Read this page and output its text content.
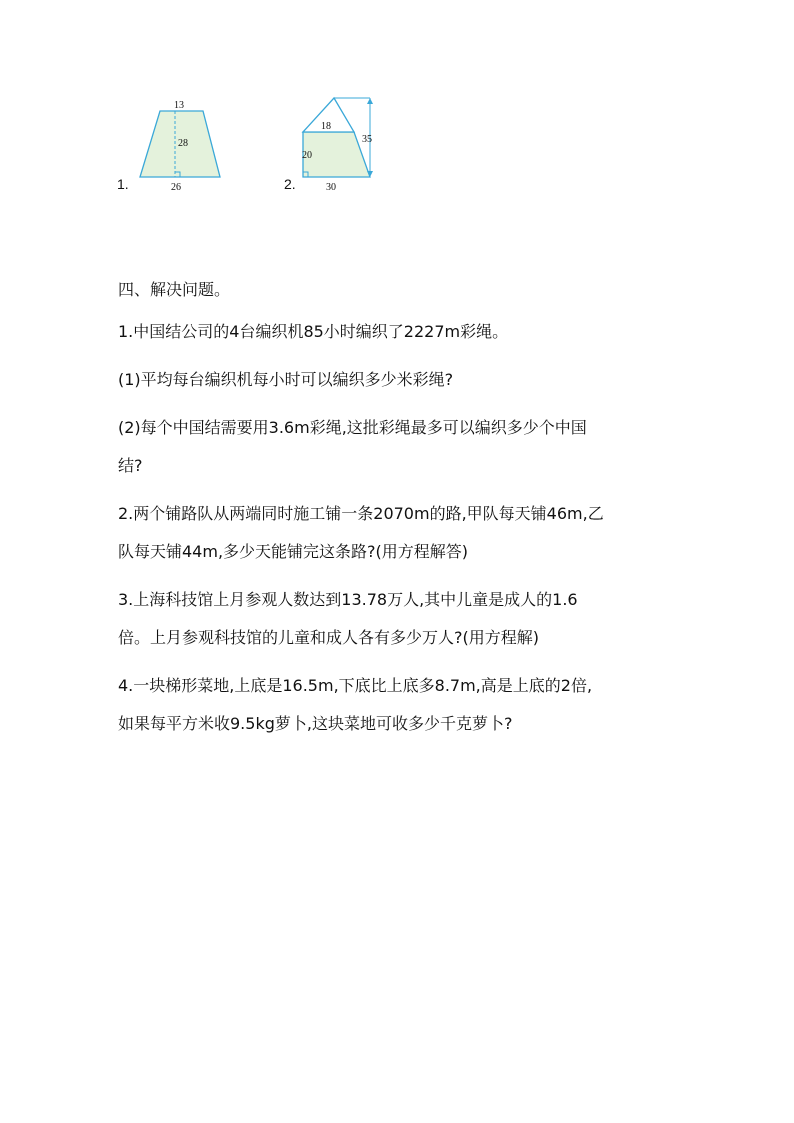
1.
13
28
26	2.
18
20
30
35

四、解决问题。

1.中国结公司的4台编织机85小时编织了2227m彩绳。

(1)平均每台编织机每小时可以编织多少米彩绳?

(2)每个中国结需要用3.6m彩绳,这批彩绳最多可以编织多少个中国

结?

2.两个铺路队从两端同时施工铺一条2070m的路,甲队每天铺46m,乙

队每天铺44m,多少天能铺完这条路?(用方程解答)

3.上海科技馆上月参观人数达到13.78万人,其中儿童是成人的1.6

倍。上月参观科技馆的儿童和成人各有多少万人?(用方程解)

4.一块梯形菜地,上底是16.5m,下底比上底多8.7m,高是上底的2倍,

如果每平方米收9.5kg萝卜,这块菜地可收多少千克萝卜?
